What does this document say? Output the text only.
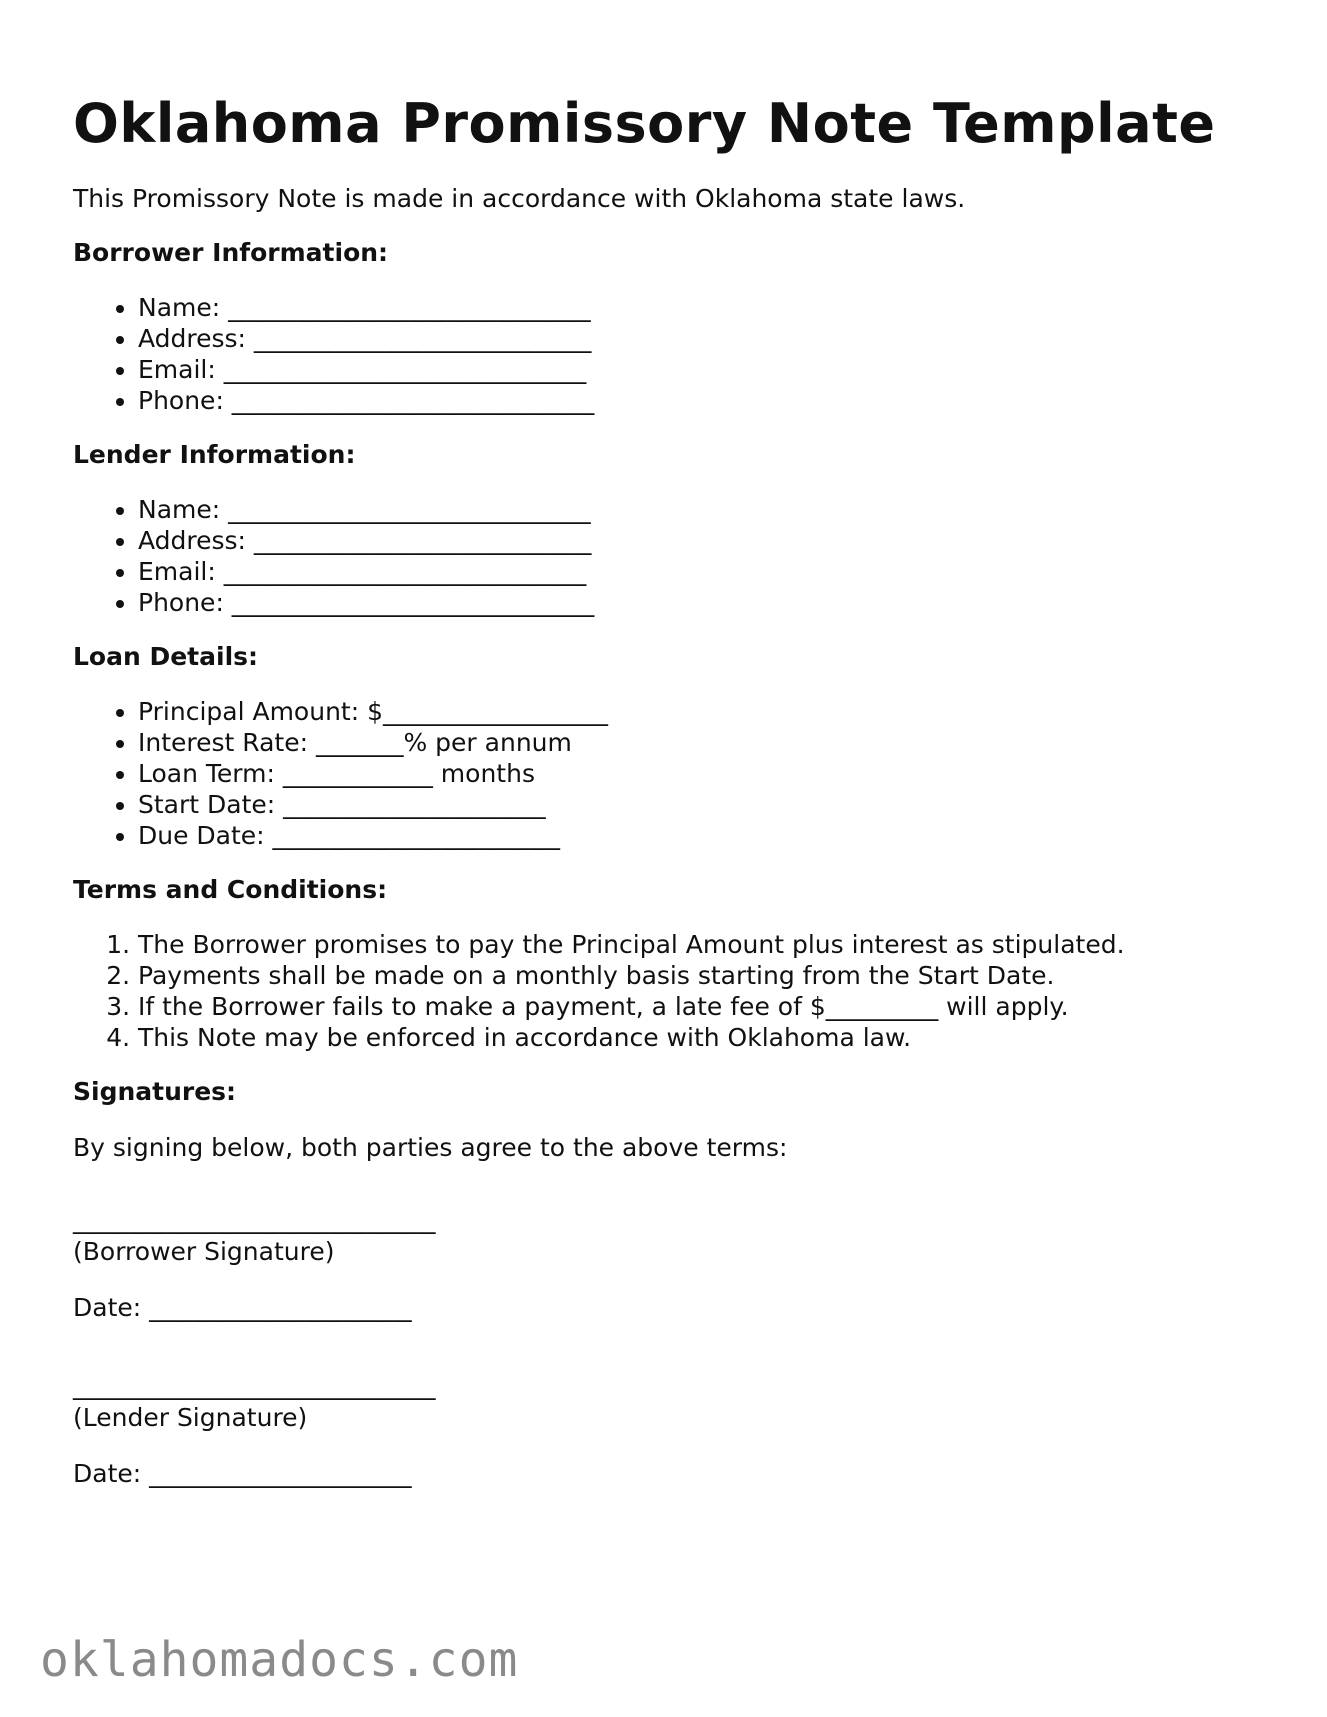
Oklahoma Promissory Note Template

This Promissory Note is made in accordance with Oklahoma state laws.

Borrower Information:
• Name: _____________________________
• Address: ___________________________
• Email: _____________________________
• Phone: _____________________________
Lender Information:
• Name: _____________________________
• Address: ___________________________
• Email: _____________________________
• Phone: _____________________________
Loan Details:
• Principal Amount: $__________________
• Interest Rate: _______% per annum
• Loan Term: ____________ months
• Start Date: _____________________
• Due Date: _______________________
Terms and Conditions:
1. The Borrower promises to pay the Principal Amount plus interest as stipulated.
2. Payments shall be made on a monthly basis starting from the Start Date.
3. If the Borrower fails to make a payment, a late fee of $_________ will apply.
4. This Note may be enforced in accordance with Oklahoma law.
Signatures:

By signing below, both parties agree to the above terms:

_____________________________

(Borrower Signature)

Date: _____________________

_____________________________

(Lender Signature)

Date: _____________________

oklahomadocs.com
